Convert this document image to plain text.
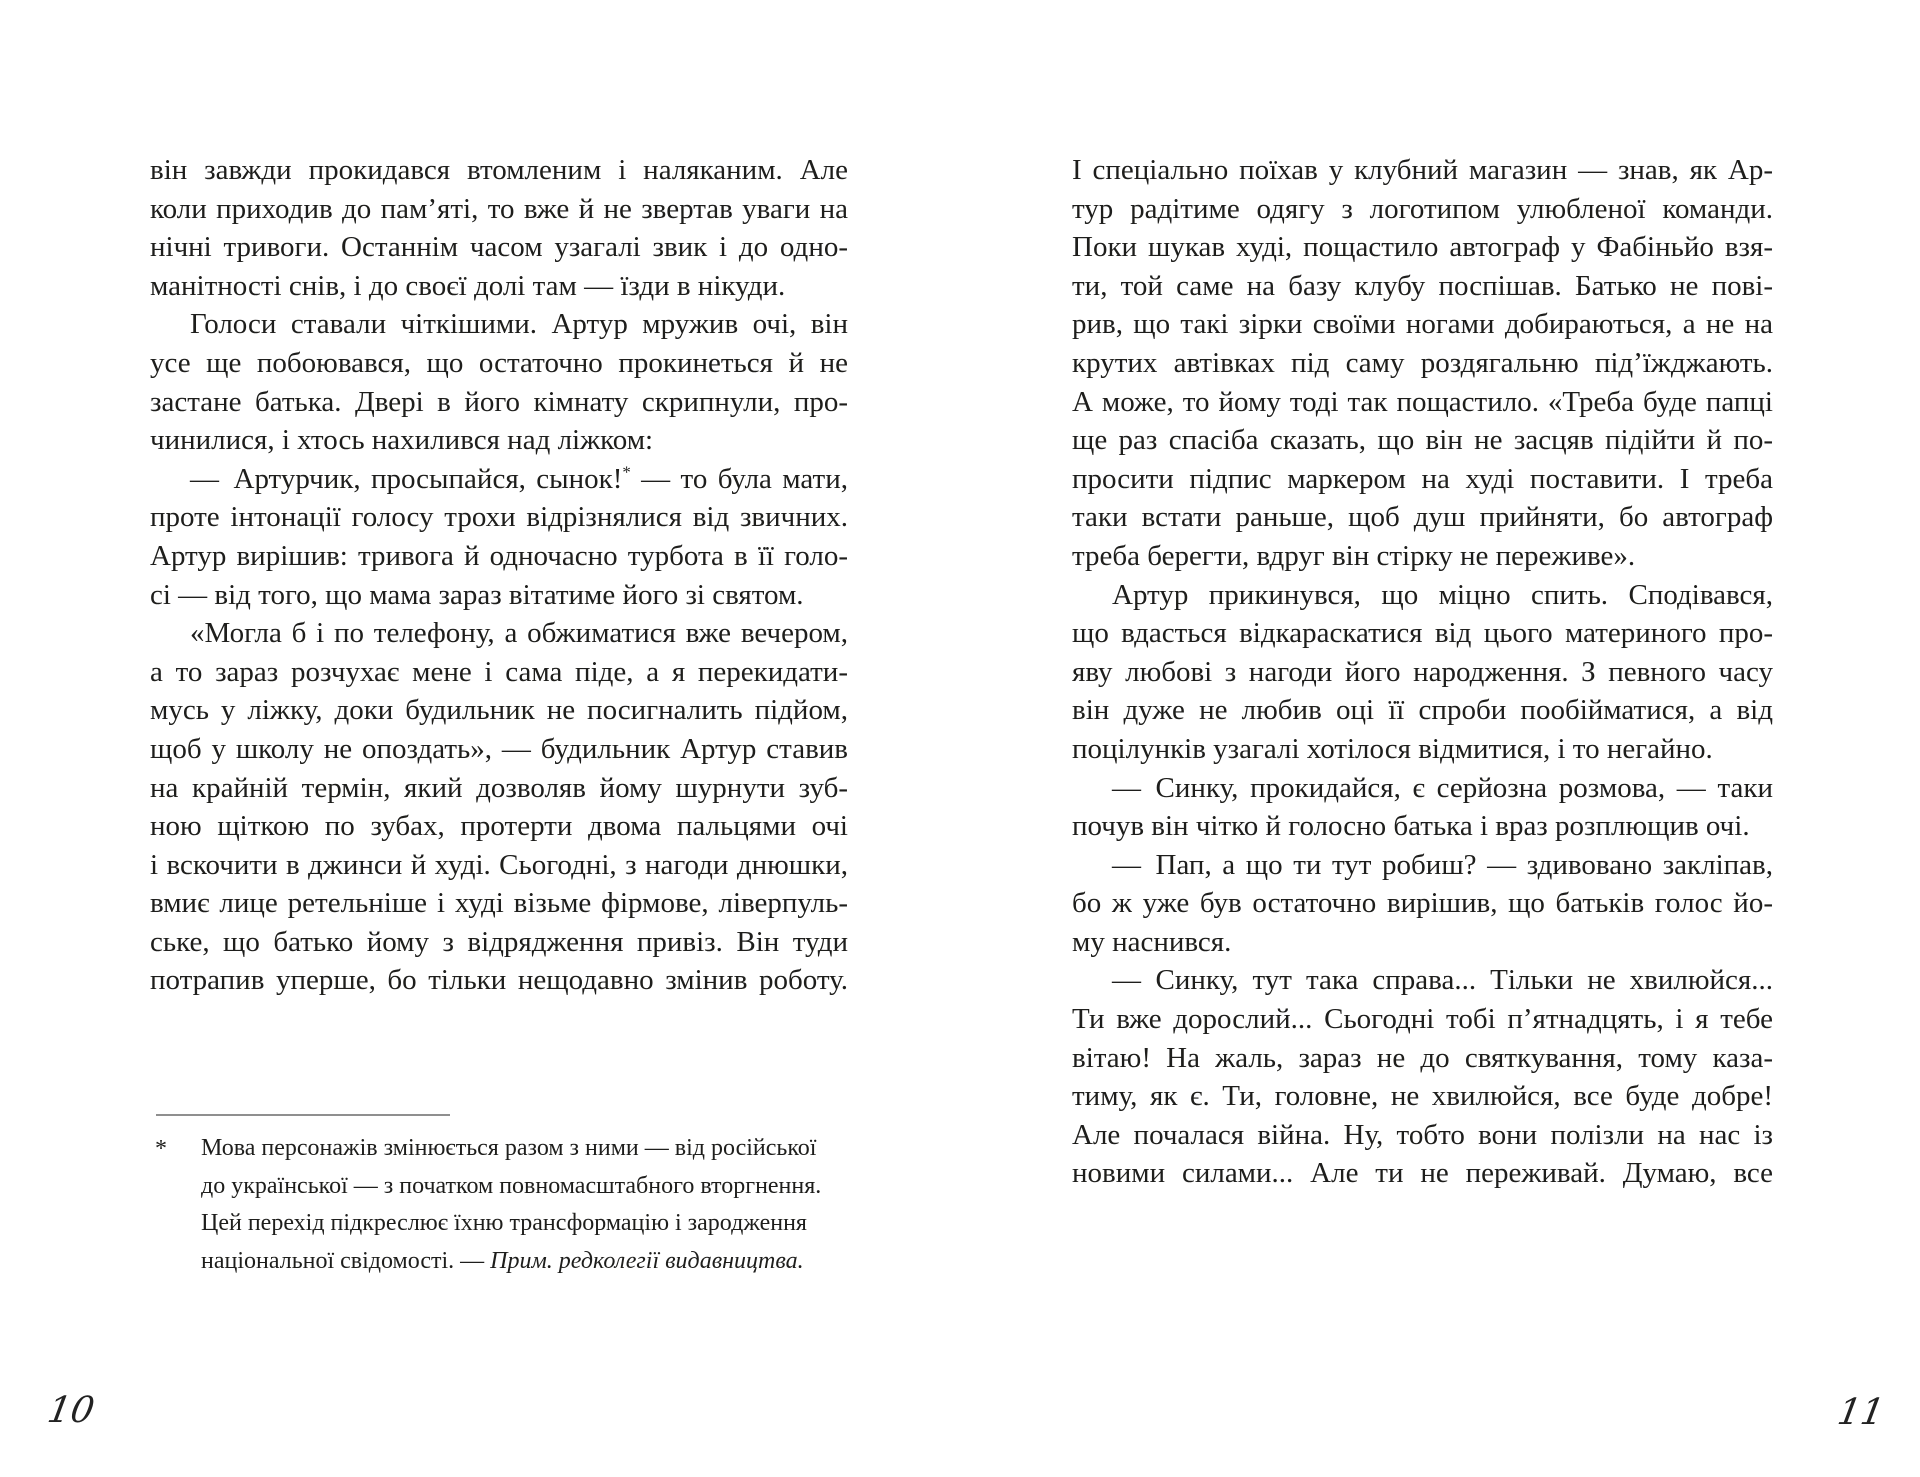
він завжди прокидався втомленим і наляканим. Але
коли приходив до пам’яті, то вже й не звертав уваги на
нічні тривоги. Останнім часом узагалі звик і до одно-
манітності снів, і до своєї долі там — їзди в нікуди.
Голоси ставали чіткішими. Артур мружив очі, він
усе ще побоювався, що остаточно прокинеться й не
застане батька. Двері в його кімнату скрипнули, про-
чинилися, і хтось нахилився над ліжком:
— Артурчик, просыпайся, сынок!* — то була мати,
проте інтонації голосу трохи відрізнялися від звичних.
Артур вирішив: тривога й одночасно турбота в її голо-
сі — від того, що мама зараз вітатиме його зі святом.
«Могла б і по телефону, а обжиматися вже вечером,
а то зараз розчухає мене і сама піде, а я перекидати-
мусь у ліжку, доки будильник не посигналить підйом,
щоб у школу не опоздать», — будильник Артур ставив
на крайній термін, який дозволяв йому шурнути зуб-
ною щіткою по зубах, протерти двома пальцями очі
і вскочити в джинси й худі. Сьогодні, з нагоди днюшки,
вмиє лице ретельніше і худі візьме фірмове, ліверпуль-
ське, що батько йому з відрядження привіз. Він туди
потрапив уперше, бо тільки нещодавно змінив роботу.
* Мова персонажів змінюється разом з ними — від російської
до української — з початком повномасштабного вторгнення.
Цей перехід підкреслює їхню трансформацію і зародження
національної свідомості. — Прим. редколегії видавництва.
10
І спеціально поїхав у клубний магазин — знав, як Ар-
тур радітиме одягу з логотипом улюбленої команди.
Поки шукав худі, пощастило автограф у Фабіньйо взя-
ти, той саме на базу клубу поспішав. Батько не пові-
рив, що такі зірки своїми ногами добираються, а не на
крутих автівках під саму роздягальню під’їжджають.
А може, то йому тоді так пощастило. «Треба буде папці
ще раз спасіба сказать, що він не засцяв підійти й по-
просити підпис маркером на худі поставити. І треба
таки встати раньше, щоб душ прийняти, бо автограф
треба берегти, вдруг він стірку не переживе».
Артур прикинувся, що міцно спить. Сподівався,
що вдасться відкараскатися від цього материного про-
яву любові з нагоди його народження. З певного часу
він дуже не любив оці її спроби пообійматися, а від
поцілунків узагалі хотілося відмитися, і то негайно.
— Синку, прокидайся, є серйозна розмова, — таки
почув він чітко й голосно батька і враз розплющив очі.
— Пап, а що ти тут робиш? — здивовано закліпав,
бо ж уже був остаточно вирішив, що батьків голос йо-
му наснився.
— Синку, тут така справа... Тільки не хвилюйся...
Ти вже дорослий... Сьогодні тобі п’ятнадцять, і я тебе
вітаю! На жаль, зараз не до святкування, тому каза-
тиму, як є. Ти, головне, не хвилюйся, все буде добре!
Але почалася війна. Ну, тобто вони полізли на нас із
новими силами... Але ти не переживай. Думаю, все
11
